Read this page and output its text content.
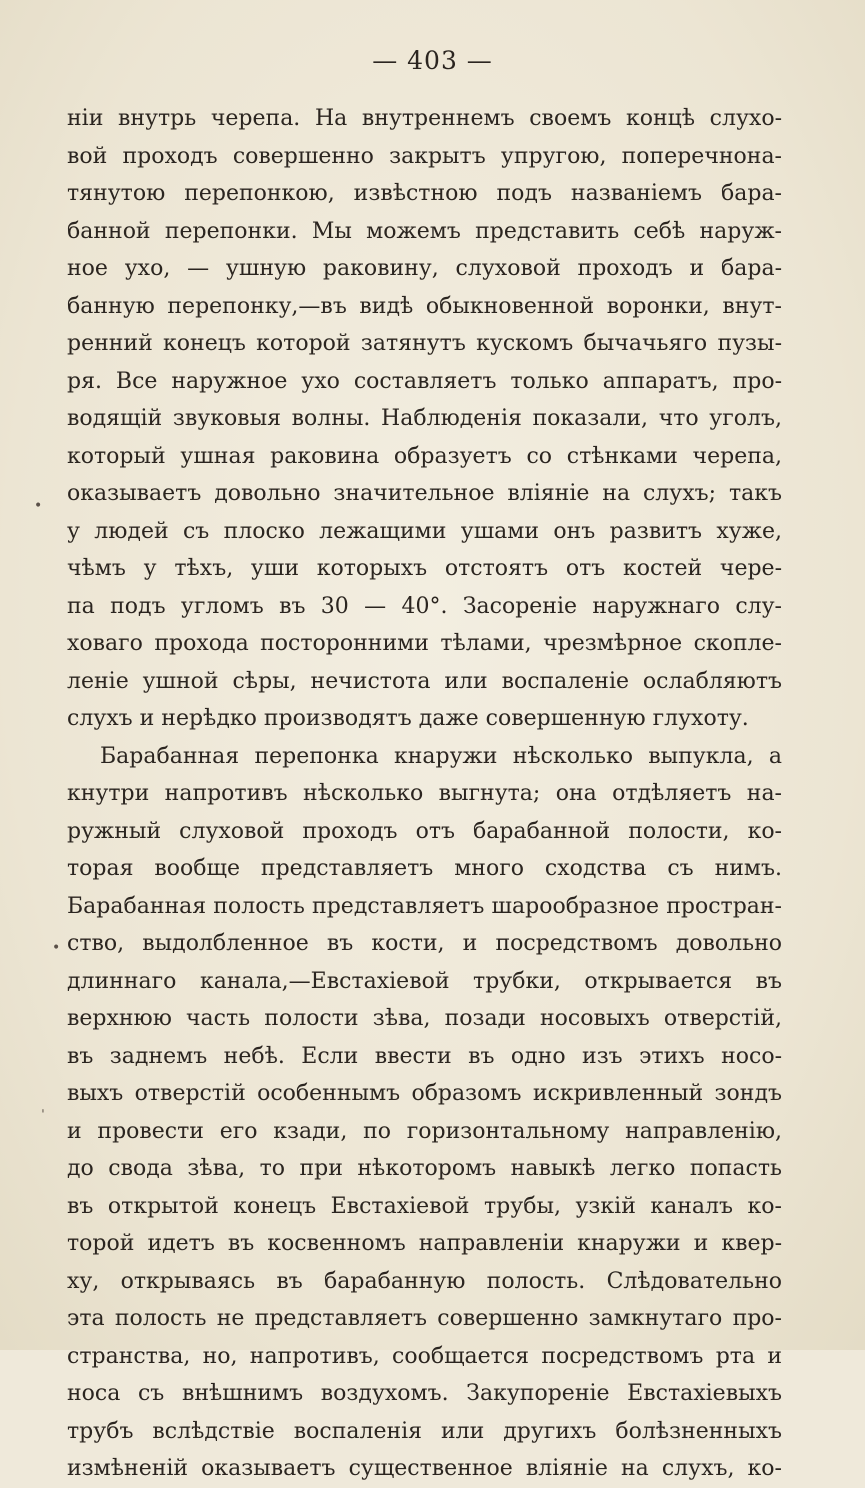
— 403 —
нiи внутрь черепа. На внутреннемъ своемъ концѣ слухо-
вой проходъ совершенно закрытъ упругою, поперечнона-
тянутою перепонкою, извѣстною подъ названiемъ бара-
банной перепонки. Мы можемъ представить себѣ наруж-
ное ухо, — ушную раковину, слуховой проходъ и бара-
банную перепонку,—въ видѣ обыкновенной воронки, внут-
ренний конецъ которой затянутъ кускомъ бычачьяго пузы-
ря. Все наружное ухо составляетъ только аппаратъ, про-
водящiй звуковыя волны. Наблюденiя показали, что уголъ,
который ушная раковина образуетъ со стѣнками черепа,
оказываетъ довольно значительное влiянiе на слухъ; такъ
у людей съ плоско лежащими ушами онъ развитъ хуже,
чѣмъ у тѣхъ, уши которыхъ отстоятъ отъ костей чере-
па подъ угломъ въ 30 — 40°. Засоренiе наружнаго слу-
ховаго прохода посторонними тѣлами, чрезмѣрное скопле-
ленiе ушной сѣры, нечистота или воспаленiе ослабляютъ
слухъ и нерѣдко производятъ даже совершенную глухоту.
Барабанная перепонка кнаружи нѣсколько выпукла, а
кнутри напротивъ нѣсколько выгнута; она отдѣляетъ на-
ружный слуховой проходъ отъ барабанной полости, ко-
торая вообще представляетъ много сходства съ нимъ.
Барабанная полость представляетъ шарообразное простран-
ство, выдолбленное въ кости, и посредствомъ довольно
длиннаго канала,—Евстахiевой трубки, открывается въ
верхнюю часть полости зѣва, позади носовыхъ отверстiй,
въ заднемъ небѣ. Если ввести въ одно изъ этихъ носо-
выхъ отверстiй особеннымъ образомъ искривленный зондъ
и провести его кзади, по горизонтальному направленiю,
до свода зѣва, то при нѣкоторомъ навыкѣ легко попасть
въ открытой конецъ Евстахiевой трубы, узкiй каналъ ко-
торой идетъ въ косвенномъ направленiи кнаружи и квер-
ху, открываясь въ барабанную полость. Слѣдовательно
эта полость не представляетъ совершенно замкнутаго про-
странства, но, напротивъ, сообщается посредствомъ рта и
носа съ внѣшнимъ воздухомъ. Закупоренiе Евстахiевыхъ
трубъ вслѣдствiе воспаленiя или другихъ болѣзненныхъ
измѣненiй оказываетъ существенное влiянiе на слухъ, ко-
•
•
ˈ
